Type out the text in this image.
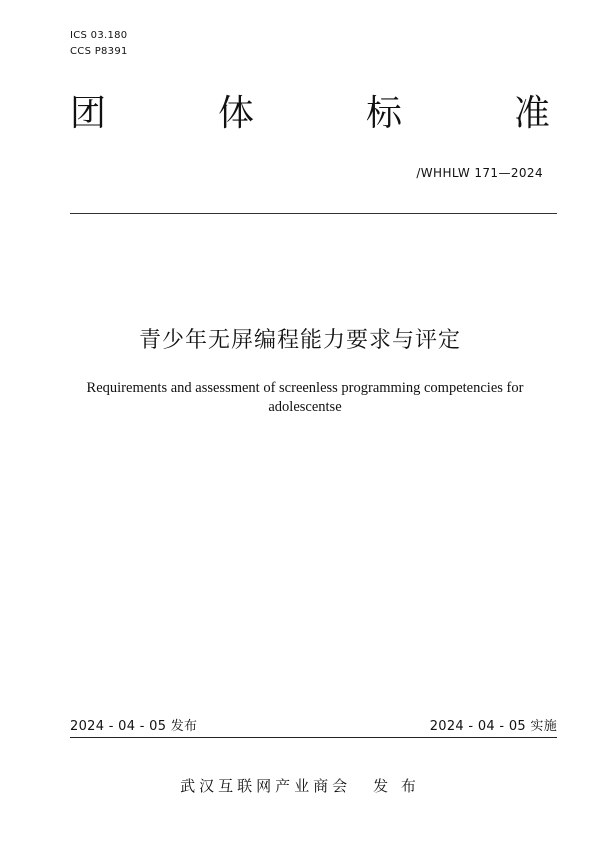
ICS 03.180
CCS P8391
团	体	标	准
/WHHLW 171—2024
青少年无屏编程能力要求与评定
Requirements and assessment of screenless programming competencies for adolescentse
2024 - 04 - 05 发布	2024 - 04 - 05 实施
武汉互联网产业商会 发 布
